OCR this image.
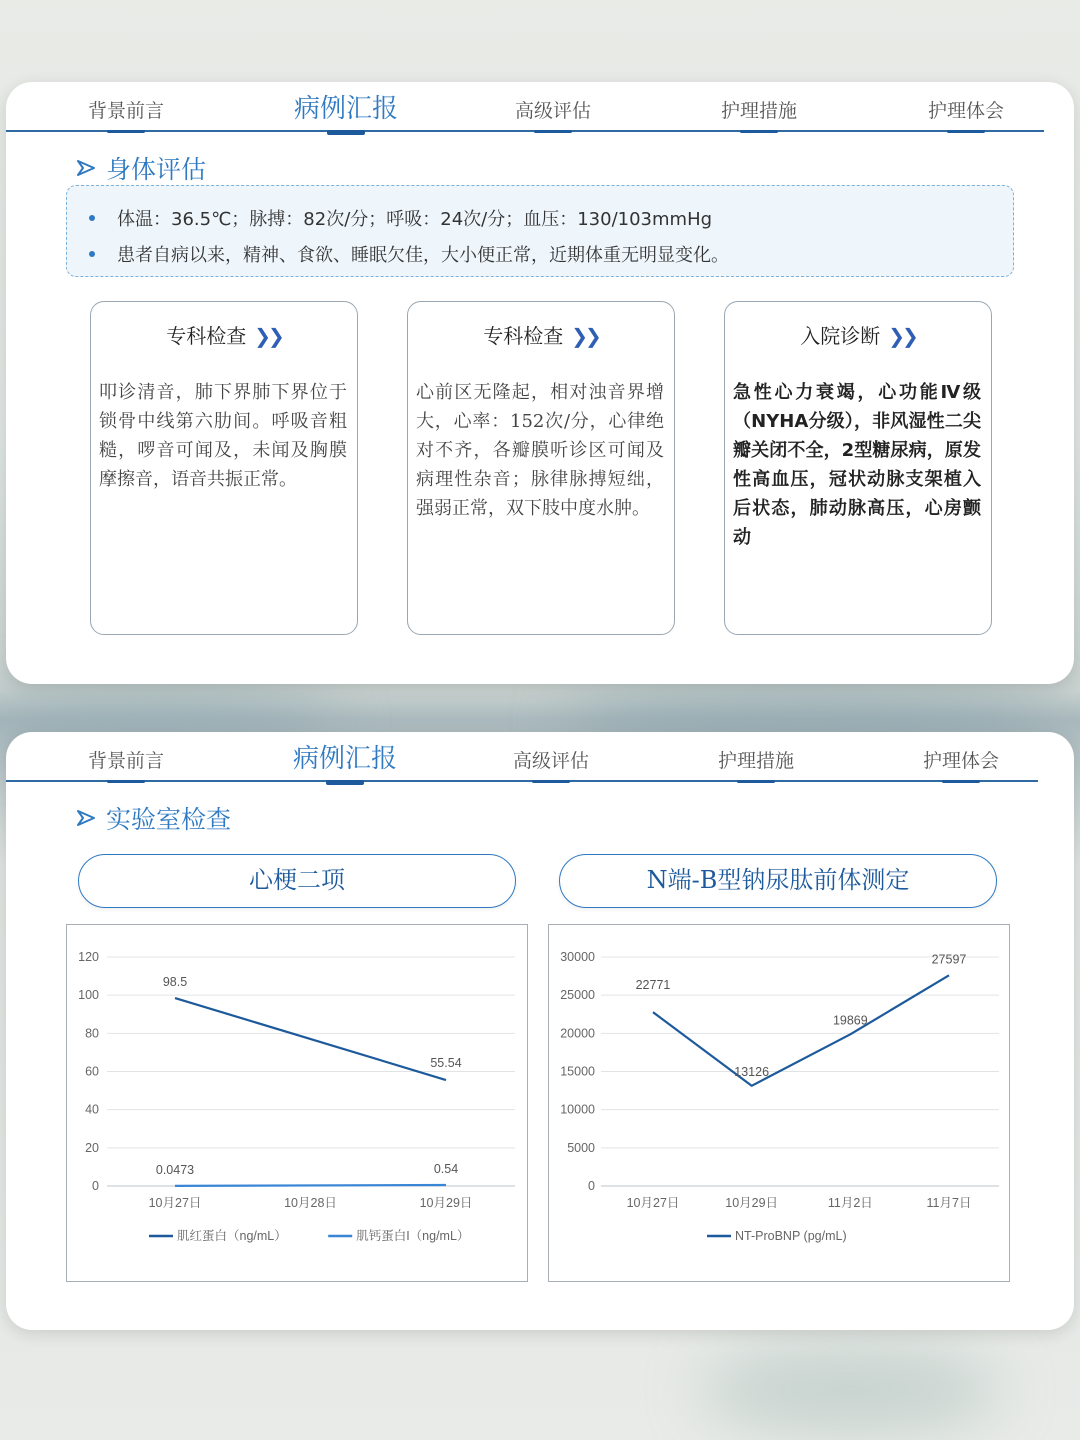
背景前言	病例汇报	高级评估	护理措施	护理体会
身体评估
体温：36.5℃；脉搏：82次/分；呼吸：24次/分；血压：130/103mmHg
患者自病以来，精神、食欲、睡眠欠佳，大小便正常，近期体重无明显变化。
专科检查 ❯❯
叩诊清音，肺下界肺下界位于锁骨中线第六肋间。呼吸音粗糙，啰音可闻及，未闻及胸膜摩擦音，语音共振正常。
专科检查 ❯❯
心前区无隆起，相对浊音界增大，心率：152次/分，心律绝对不齐，各瓣膜听诊区可闻及病理性杂音；脉律脉搏短绌，强弱正常，双下肢中度水肿。
入院诊断 ❯❯
急性心力衰竭，心功能Ⅳ级（NYHA分级），非风湿性二尖瓣关闭不全，2型糖尿病，原发性高血压，冠状动脉支架植入后状态，肺动脉高压，心房颤动
背景前言	病例汇报	高级评估	护理措施	护理体会
实验室检查
心梗二项	N端-B型钠尿肽前体测定
0
20
40
60
80
100
120
10月27日	10月28日	10月29日
98.5
55.54
0.0473	0.54
肌红蛋白（ng/mL）	肌钙蛋白I（ng/mL）
0
5000
10000
15000
20000
25000
30000
10月27日	10月29日	11月2日	11月7日
22771
13126
19869
27597
NT-ProBNP (pg/mL)
